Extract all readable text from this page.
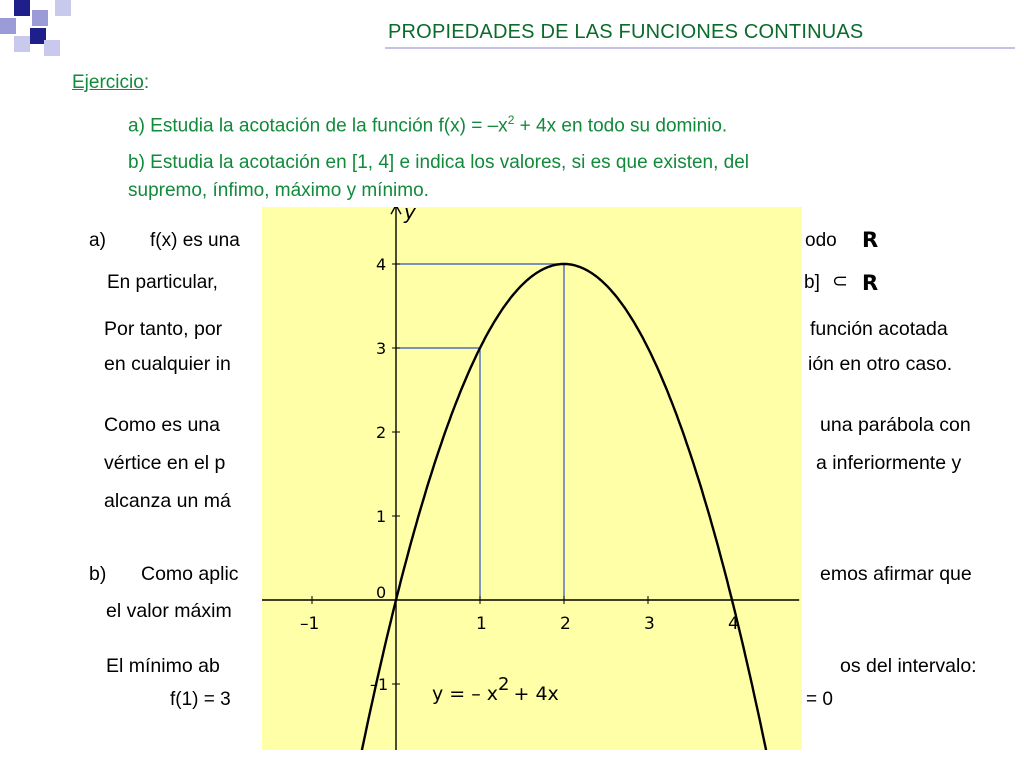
PROPIEDADES DE LAS FUNCIONES CONTINUAS
Ejercicio:
a) Estudia la acotación de la función $f(x) = -x^2 + 4x$ en todo su dominio.
b) Estudia la acotación en [1, 4] e indica los valores, si es que existen, del
supremo, ínfimo, máximo y mínimo.
a) f(x) es una	odo R
En particular,	b] ⊂ R
Por tanto, por	función acotada
en cualquier in	ión en otro caso.
Como es una	una parábola con
vértice en el p	a inferiormente y
alcanza un má
b) Como aplic	emos afirmar que
el valor máxim
El mínimo ab	os del intervalo:
f(1) = 3	= 0
–1	1	2	3	4
–1
0
1
2
3
4
y
y = – x2 + 4x
